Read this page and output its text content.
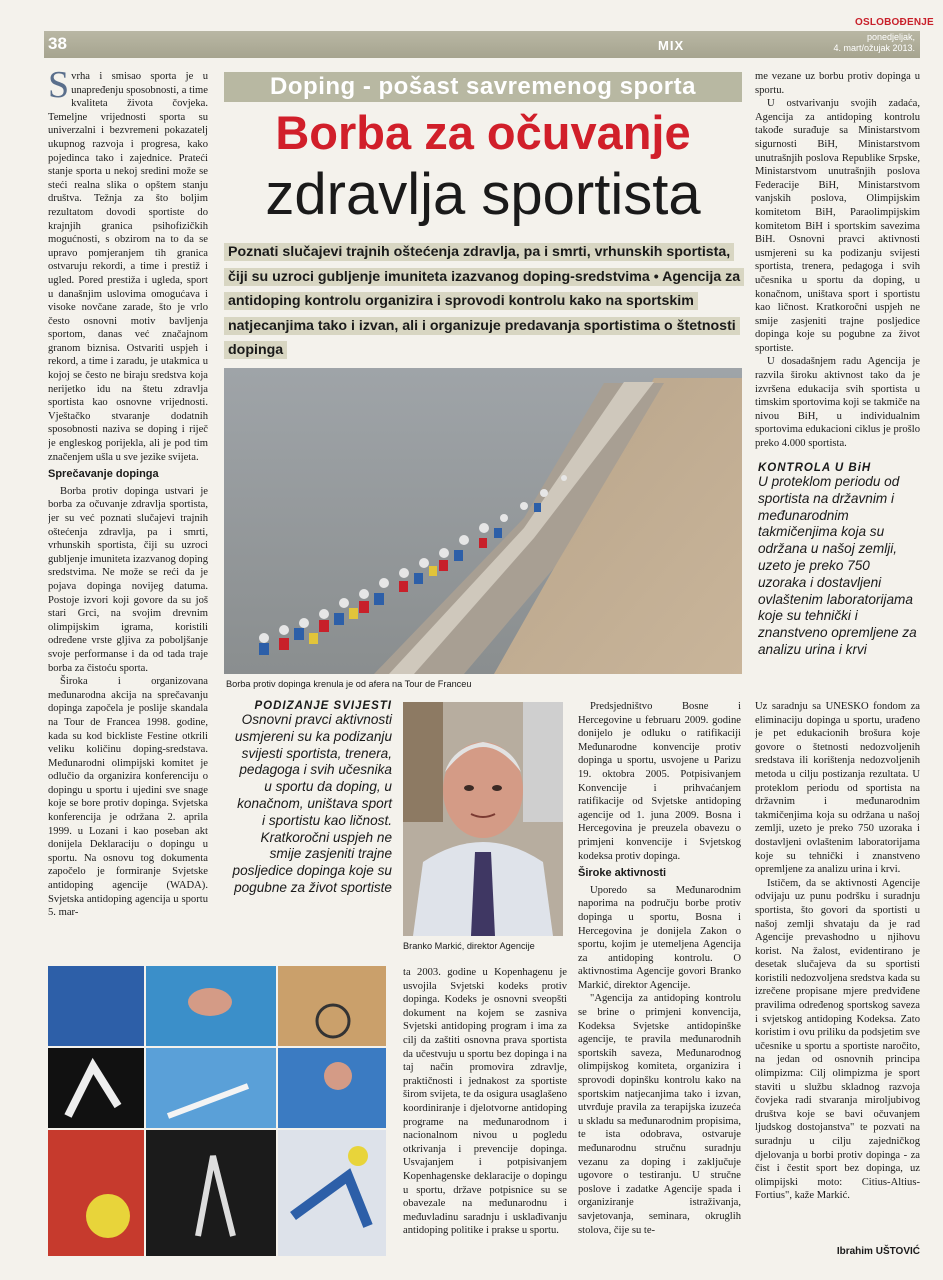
OSLOBOĐENJE
38	MIX
ponedjeljak,
4. mart/ožujak 2013.

Svrha i smisao sporta je u unapređenju sposobnosti, a time kvaliteta života čovjeka. Temeljne vrijednosti sporta su univerzalni i bezvremeni pokazatelj ukupnog razvoja i progresa, kako pojedinca tako i zajednice. Prateći stanje sporta u nekoj sredini može se steći realna slika o opštem stanju društva. Težnja za što boljim rezultatom dovodi sportiste do krajnjih granica psihofizičkih mogućnosti, s obzirom na to da se upravo pomjeranjem tih granica ostvaruju rekordi, a time i prestiž i ugled. Pored prestiža i ugleda, sport u današnjim uslovima omogućava i visoke novčane zarade, što je vrlo često osnovni motiv bavljenja sportom, danas već značajnom granom biznisa. Ostvariti uspjeh i rekord, a time i zaradu, je utakmica u kojoj se često ne biraju sredstva koja nerijetko idu na štetu zdravlja sportista kao osnovne vrijednosti. Vještačko stvaranje dodatnih sposobnosti naziva se doping i riječ je engleskog porijekla, ali je pod tim značenjem ušla u sve jezike svijeta.

Sprečavanje dopinga

Borba protiv dopinga ustvari je borba za očuvanje zdravlja sportista, jer su već poznati slučajevi trajnih oštećenja zdravlja, pa i smrti, vrhunskih sportista, čiji su uzroci gubljenje imuniteta izazvanog doping sredstvima. Ne može se reći da je pojava dopinga novijeg datuma. Postoje izvori koji govore da su još stari Grci, na svojim drevnim olimpijskim igrama, koristili određene vrste gljiva za poboljšanje svoje performanse i da od tada traje borba za čistoću sporta.

Široka i organizovana međunarodna akcija na sprečavanju dopinga započela je poslije skandala na Tour de Francea 1998. godine, kada su kod bickliste Festine otkrili veliku količinu doping-sredstava. Međunarodni olimpijski komitet je odlučio da organizira konferenciju o dopingu u sportu i ujedini sve snage koje se bore protiv dopinga. Svjetska konferencija je održana 2. aprila 1999. u Lozani i kao poseban akt donijela Deklaraciju o dopingu u sportu. Na osnovu tog dokumenta započelo je formiranje Svjetske antidoping agencije (WADA). Svjetska antidoping agencija u sportu 5. mar-

Doping - pošast savremenog sporta
Borba za očuvanje
zdravlja sportista
Poznati slučajevi trajnih oštećenja zdravlja, pa i smrti, vrhunskih sportista, čiji su uzroci gubljenje imuniteta izazvanog doping-sredstvima • Agencija za antidoping kontrolu organizira i sprovodi kontrolu kako na sportskim natjecanjima tako i izvan, ali i organizuje predavanja sportistima o štetnosti dopinga
Borba protiv dopinga krenula je od afera na Tour de Franceu
PODIZANJE SVIJESTI
Osnovni pravci aktivnosti usmjereni su ka podizanju svijesti sportista, trenera, pedagoga i svih učesnika u sportu da doping, u konačnom, uništava sport i sportistu kao ličnost. Kratkoročni uspjeh ne smije zasjeniti trajne posljedice dopinga koje su pogubne za život sportiste
Branko Markić, direktor Agencije

Predsjedništvo Bosne i Hercegovine u februaru 2009. godine donijelo je odluku o ratifikaciji Međunarodne konvencije protiv dopinga u sportu, usvojene u Parizu 19. oktobra 2005. Potpisivanjem Konvencije i prihvaćanjem ratifikacije od Svjetske antidoping agencije od 1. juna 2009. Bosna i Hercegovina je preuzela obavezu o primjeni konvencije i Svjetskog kodeksa protiv dopinga.

Široke aktivnosti

Uporedo sa Međunarodnim naporima na području borbe protiv dopinga u sportu, Bosna i Hercegovina je donijela Zakon o sportu, kojim je utemeljena Agencija za antidoping kontrolu. O aktivnostima Agencije govori Branko Markić, direktor Agencije.

"Agencija za antidoping kontrolu se brine o primjeni konvencija, Kodeksa Svjetske antidopinške agencije, te pravila međunarodnih sportskih saveza, Međunarodnog olimpijskog komiteta, organizira i sprovodi dopinšku kontrolu kako na sportskim natjecanjima tako i izvan, utvrđuje pravila za terapijska izuzeća u skladu sa međunarodnim propisima, te ista odobrava, ostvaruje međunarodnu stručnu suradnju vezanu za doping i zaključuje ugovore o testiranju. U stručne poslove i zadatke Agencije spada i organiziranje istraživanja, savjetovanja, seminara, okruglih stolova, čije su te-

ta 2003. godine u Kopenhagenu je usvojila Svjetski kodeks protiv dopinga. Kodeks je osnovni sveopšti dokument na kojem se zasniva Svjetski antidoping program i ima za cilj da zaštiti osnovna prava sportista da učestvuju u sportu bez dopinga i na taj način promovira zdravlje, praktičnosti i jednakost za sportiste širom svijeta, te da osigura usaglašeno koordiniranje i djelotvorne antidoping programe na međunarodnom i nacionalnom nivou u pogledu otkrivanja i prevencije dopinga. Usvajanjem i potpisivanjem Kopenhagenske deklaracije o dopingu u sportu, države potpisnice su se obavezale na međunarodnu i međuvladinu saradnju i usklađivanju antidoping politike i prakse u sportu.

me vezane uz borbu protiv dopinga u sportu.

U ostvarivanju svojih zadaća, Agencija za antidoping kontrolu takođe surađuje sa Ministarstvom sigurnosti BiH, Ministarstvom unutrašnjih poslova Republike Srpske, Ministarstvom unutrašnjih poslova Federacije BiH, Ministarstvom vanjskih poslova, Olimpijskim komitetom BiH, Paraolimpijskim komitetom BiH i sportskim savezima BiH. Osnovni pravci aktivnosti usmjereni su ka podizanju svijesti sportista, trenera, pedagoga i svih učesnika u sportu da doping, u konačnom, uništava sport i sportistu kao ličnost. Kratkoročni uspjeh ne smije zasjeniti trajne posljedice dopinga koje su pogubne za život sportiste.

U dosadašnjem radu Agencija je razvila široku aktivnost tako da je izvršena edukacija svih sportista u timskim sportovima koji se takmiče na nivou BiH, u individualnim sportovima edukacioni ciklus je prošlo preko 4.000 sportista.

KONTROLA U BiH
U proteklom periodu od sportista na državnim i međunarodnim takmičenjima koja su održana u našoj zemlji, uzeto je preko 750 uzoraka i dostavljeni ovlaštenim laboratorijama koje su tehnički i znanstveno opremljene za analizu urina i krvi

Uz saradnju sa UNESKO fondom za eliminaciju dopinga u sportu, urađeno je pet edukacionih brošura koje govore o štetnosti nedozvoljenih sredstava ili korištenja nedozvoljenih metoda u cilju postizanja rezultata. U proteklom periodu od sportista na državnim i međunarodnim takmičenjima koja su održana u našoj zemlji, uzeto je preko 750 uzoraka i dostavljeni ovlaštenim laboratorijama koje su tehnički i znanstveno opremljene za analizu urina i krvi.

Ističem, da se aktivnosti Agencije odvijaju uz punu podršku i suradnju sportista, što govori da sportisti u našoj zemlji shvataju da je rad Agencije prevashodno u njihovu korist. Na žalost, evidentirano je desetak slučajeva da su sportisti koristili nedozvoljena sredstva kada su izrečene propisane mjere predviđene pravilima određenog sportskog saveza i svjetskog antidoping Kodeksa. Zato koristim i ovu priliku da podsjetim sve učesnike u sportu a sportiste naročito, na jedan od osnovnih principa olimpizma: Cilj olimpizma je sport staviti u službu skladnog razvoja čovjeka radi stvaranja miroljubivog društva koje se bavi očuvanjem ljudskog dostojanstva" te pozvati na suradnju u cilju zajedničkog djelovanja u borbi protiv dopinga - za čist i čestit sport bez dopinga, uz olimpijski moto: Citius-Altius-Fortius", kaže Markić.

Ibrahim UŠTOVIĆ
